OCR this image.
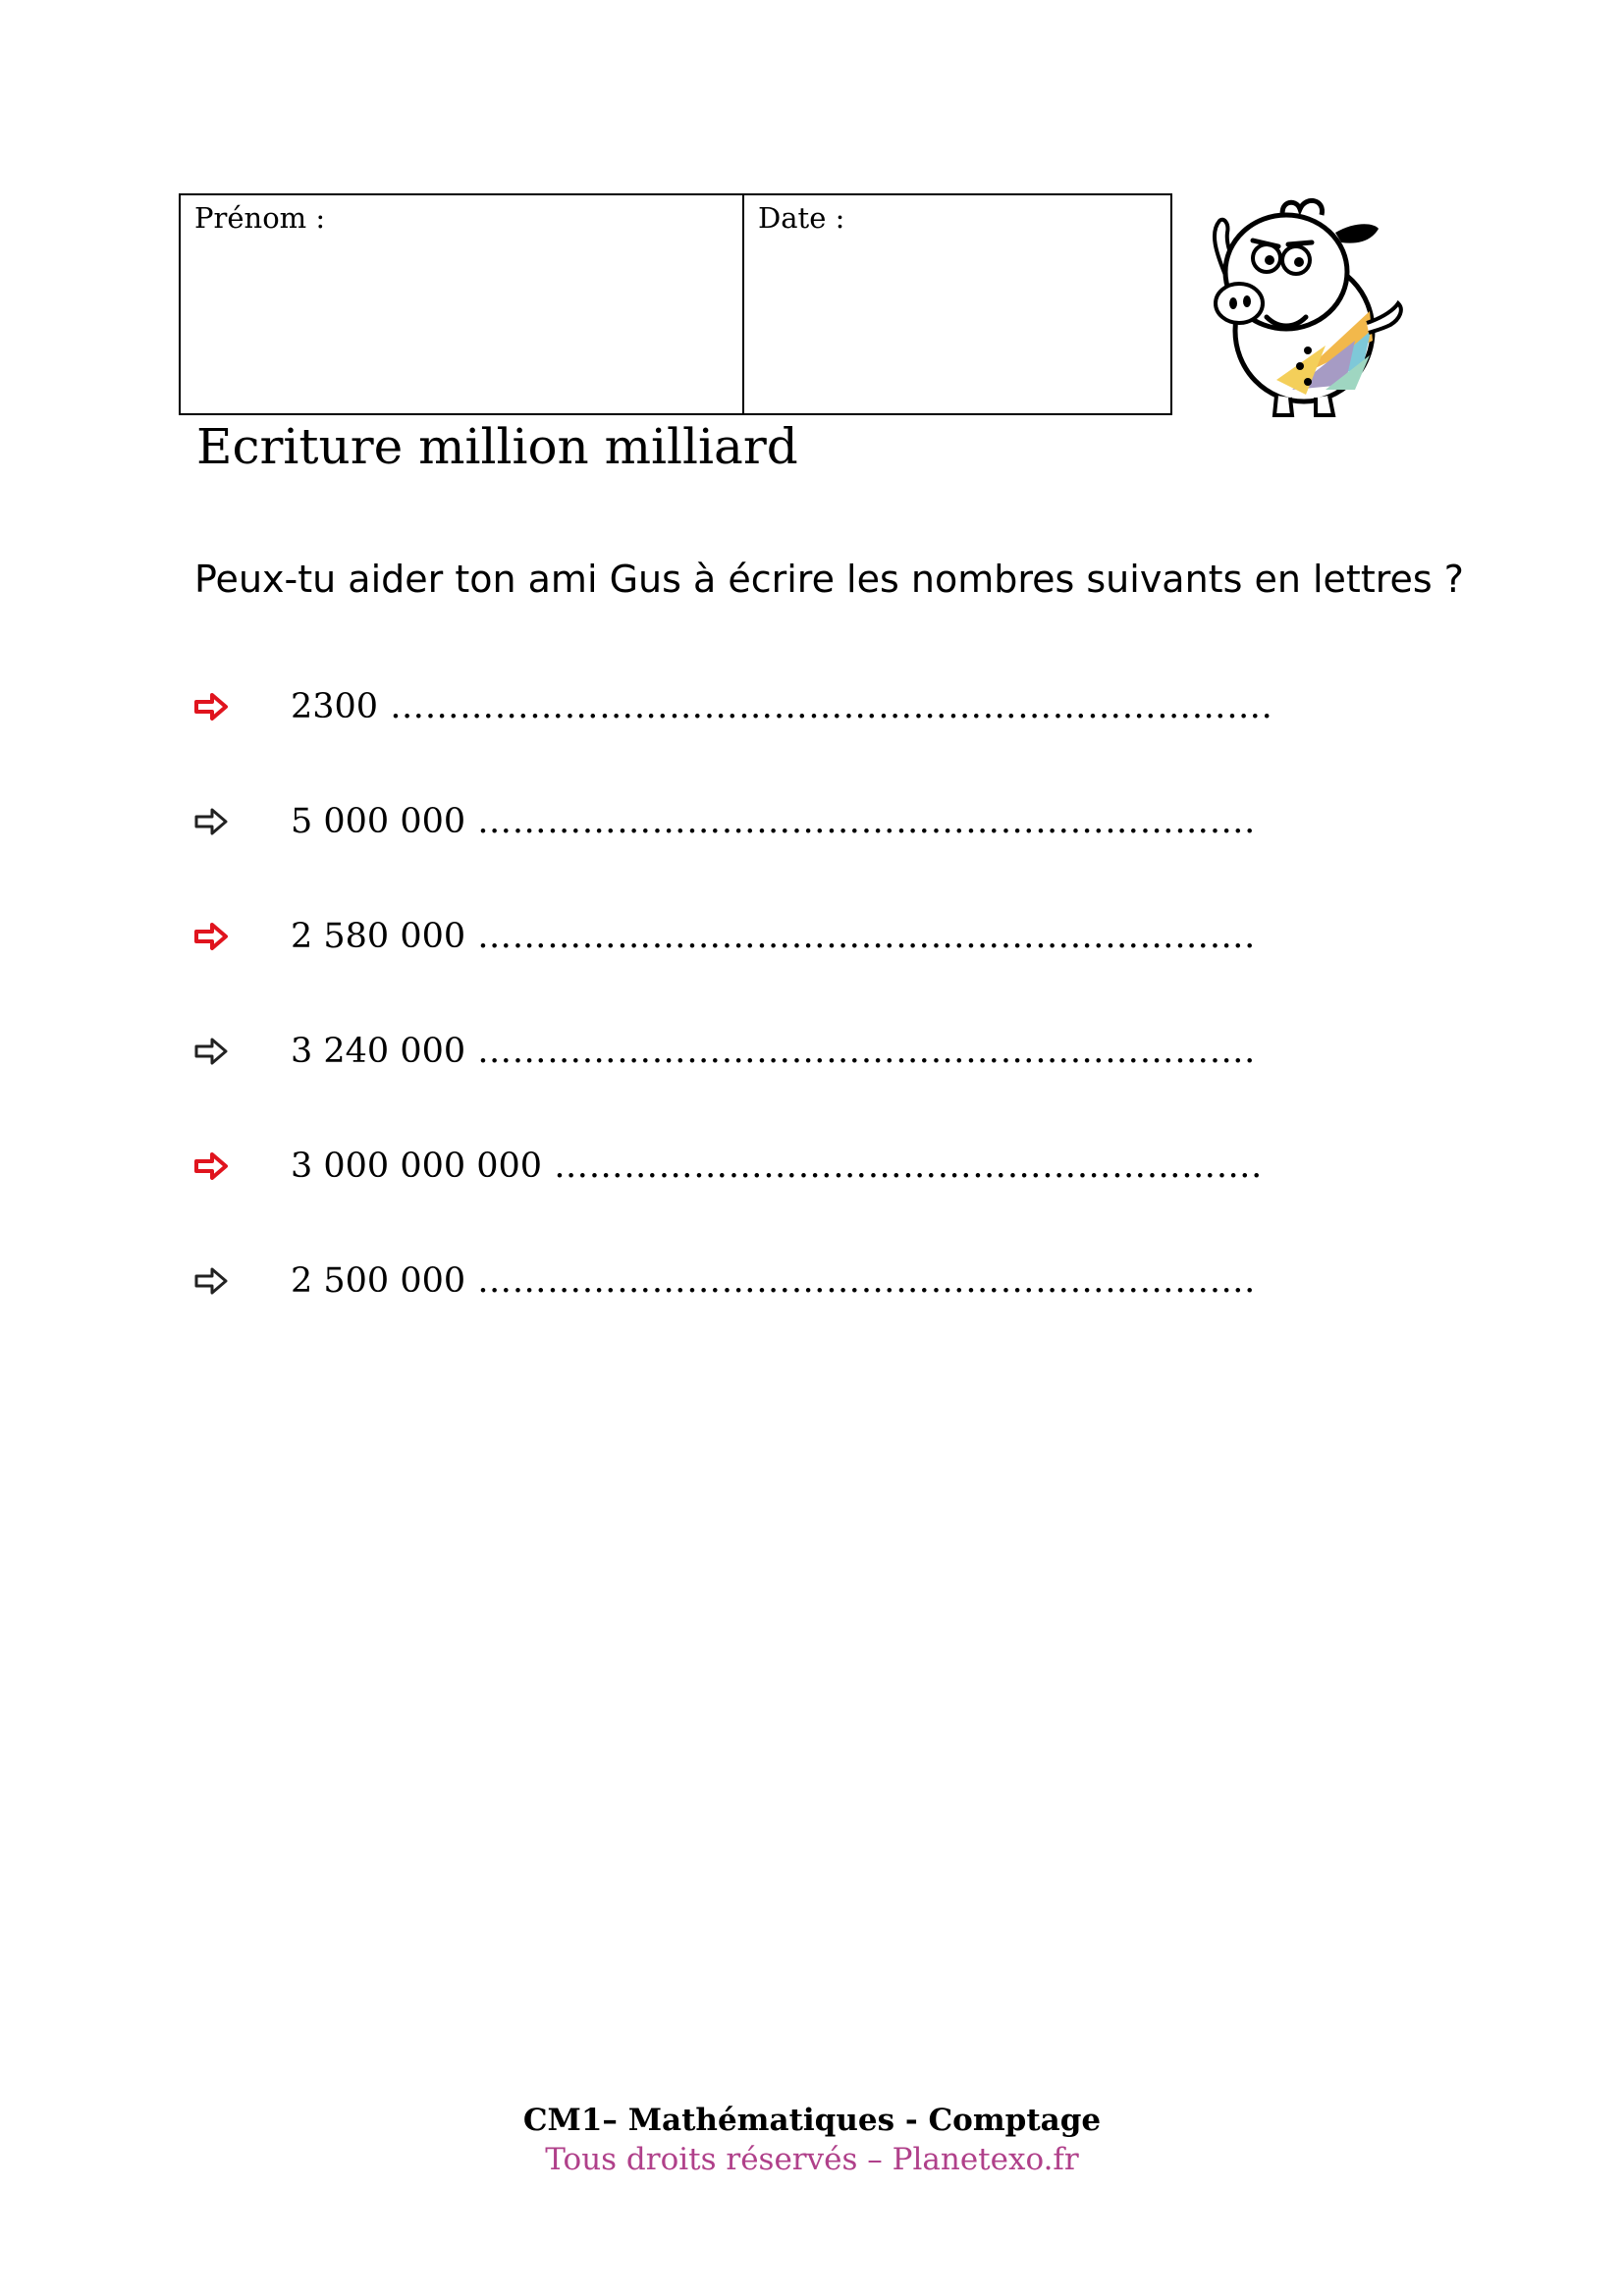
Prénom :	Date :
Ecriture million milliard
Peux-tu aider ton ami Gus à écrire les nombres suivants en lettres ?
2300 ………………………………………………………………….
5 000 000 ………………………………………………………….
2 580 000 ………………………………………………………….
3 240 000 ………………………………………………………….
3 000 000 000 …………………………………………………….
2 500 000 ………………………………………………………….
CM1– Mathématiques - Comptage
Tous droits réservés – Planetexo.fr
